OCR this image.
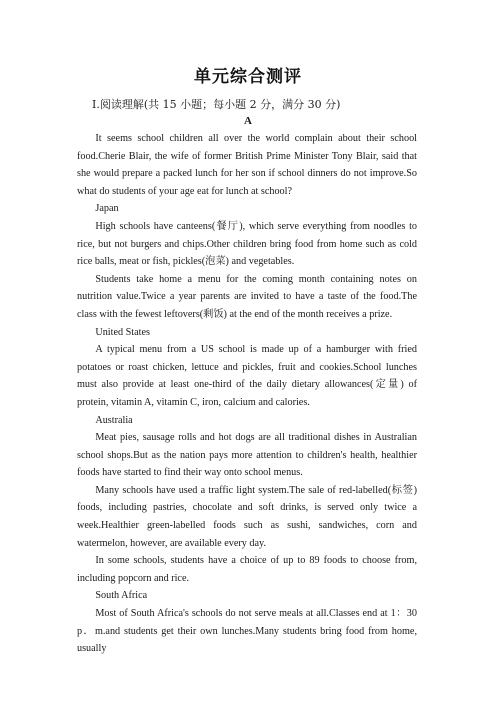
单元综合测评
Ⅰ.阅读理解(共 15 小题；每小题 2 分，满分 30 分)
A

It seems school children all over the world complain about their school food.Cherie Blair, the wife of former British Prime Minister Tony Blair, said that she would prepare a packed lunch for her son if school dinners do not improve.So what do students of your age eat for lunch at school?

Japan

High schools have canteens(餐厅), which serve everything from noodles to rice, but not burgers and chips.Other children bring food from home such as cold rice balls, meat or fish, pickles(泡菜) and vegetables.

Students take home a menu for the coming month containing notes on nutrition value.Twice a year parents are invited to have a taste of the food.The class with the fewest leftovers(剩饭) at the end of the month receives a prize.

United States

A typical menu from a US school is made up of a hamburger with fried potatoes or roast chicken, lettuce and pickles, fruit and cookies.School lunches must also provide at least one-third of the daily dietary allowances(定量) of protein, vitamin A, vitamin C, iron, calcium and calories.

Australia

Meat pies, sausage rolls and hot dogs are all traditional dishes in Australian school shops.But as the nation pays more attention to children's health, healthier foods have started to find their way onto school menus.

Many schools have used a traffic light system.The sale of red-labelled(标签) foods, including pastries, chocolate and soft drinks, is served only twice a week.Healthier green-labelled foods such as sushi, sandwiches, corn and watermelon, however, are available every day.

In some schools, students have a choice of up to 89 foods to choose from, including popcorn and rice.

South Africa

Most of South Africa's schools do not serve meals at all.Classes end at 1：30 p．m.and students get their own lunches.Many students bring food from home, usually
